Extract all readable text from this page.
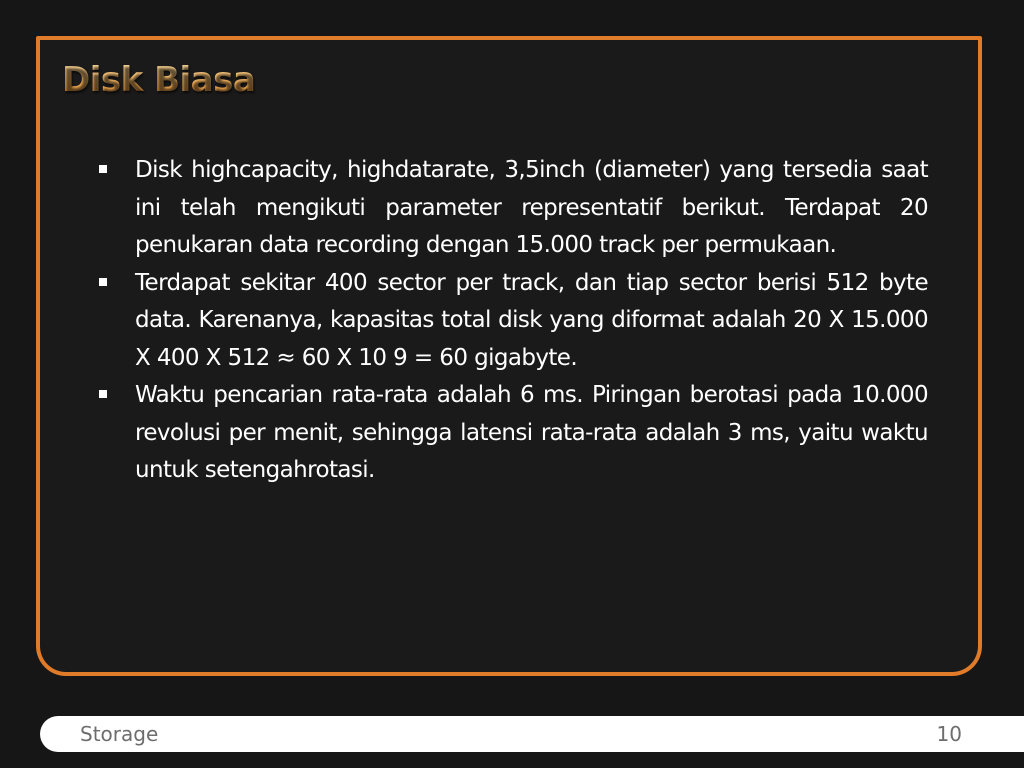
Disk Biasa
Disk highcapacity, highdatarate, 3,5inch (diameter) yang tersedia saat ini telah mengikuti parameter representatif berikut. Terdapat 20 penukaran data recording dengan 15.000 track per permukaan.
Terdapat sekitar 400 sector per track, dan tiap sector berisi 512 byte data. Karenanya, kapasitas total disk yang diformat adalah 20 X 15.000 X 400 X 512 ≈ 60 X 10 9 = 60 gigabyte.
Waktu pencarian rata-rata adalah 6 ms. Piringan berotasi pada 10.000 revolusi per menit, sehingga latensi rata-rata adalah 3 ms, yaitu waktu untuk setengahrotasi.
Storage	10
